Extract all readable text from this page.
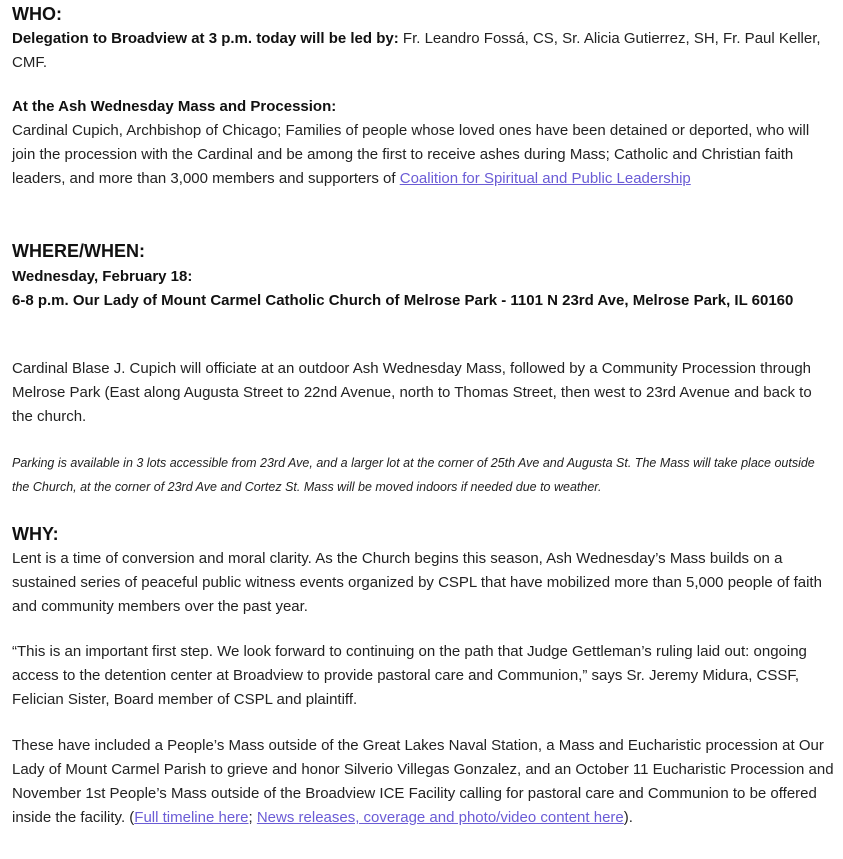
WHO:

Delegation to Broadview at 3 p.m. today will be led by: Fr. Leandro Fossá, CS, Sr. Alicia Gutierrez, SH, Fr. Paul Keller, CMF.

At the Ash Wednesday Mass and Procession:

Cardinal Cupich, Archbishop of Chicago; Families of people whose loved ones have been detained or deported, who will join the procession with the Cardinal and be among the first to receive ashes during Mass; Catholic and Christian faith leaders, and more than 3,000 members and supporters of Coalition for Spiritual and Public Leadership

WHERE/WHEN:

Wednesday, February 18:

6-8 p.m. Our Lady of Mount Carmel Catholic Church of Melrose Park - 1101 N 23rd Ave, Melrose Park, IL 60160

Cardinal Blase J. Cupich will officiate at an outdoor Ash Wednesday Mass, followed by a Community Procession through Melrose Park (East along Augusta Street to 22nd Avenue, north to Thomas Street, then west to 23rd Avenue and back to the church.

Parking is available in 3 lots accessible from 23rd Ave, and a larger lot at the corner of 25th Ave and Augusta St. The Mass will take place outside the Church, at the corner of 23rd Ave and Cortez St. Mass will be moved indoors if needed due to weather.

WHY:

Lent is a time of conversion and moral clarity. As the Church begins this season, Ash Wednesday’s Mass builds on a sustained series of peaceful public witness events organized by CSPL that have mobilized more than 5,000 people of faith and community members over the past year.

“This is an important first step. We look forward to continuing on the path that Judge Gettleman’s ruling laid out: ongoing access to the detention center at Broadview to provide pastoral care and Communion,” says Sr. Jeremy Midura, CSSF, Felician Sister, Board member of CSPL and plaintiff.

These have included a People’s Mass outside of the Great Lakes Naval Station, a Mass and Eucharistic procession at Our Lady of Mount Carmel Parish to grieve and honor Silverio Villegas Gonzalez, and an October 11 Eucharistic Procession and November 1st People’s Mass outside of the Broadview ICE Facility calling for pastoral care and Communion to be offered inside the facility. (Full timeline here; News releases, coverage and photo/video content here).
